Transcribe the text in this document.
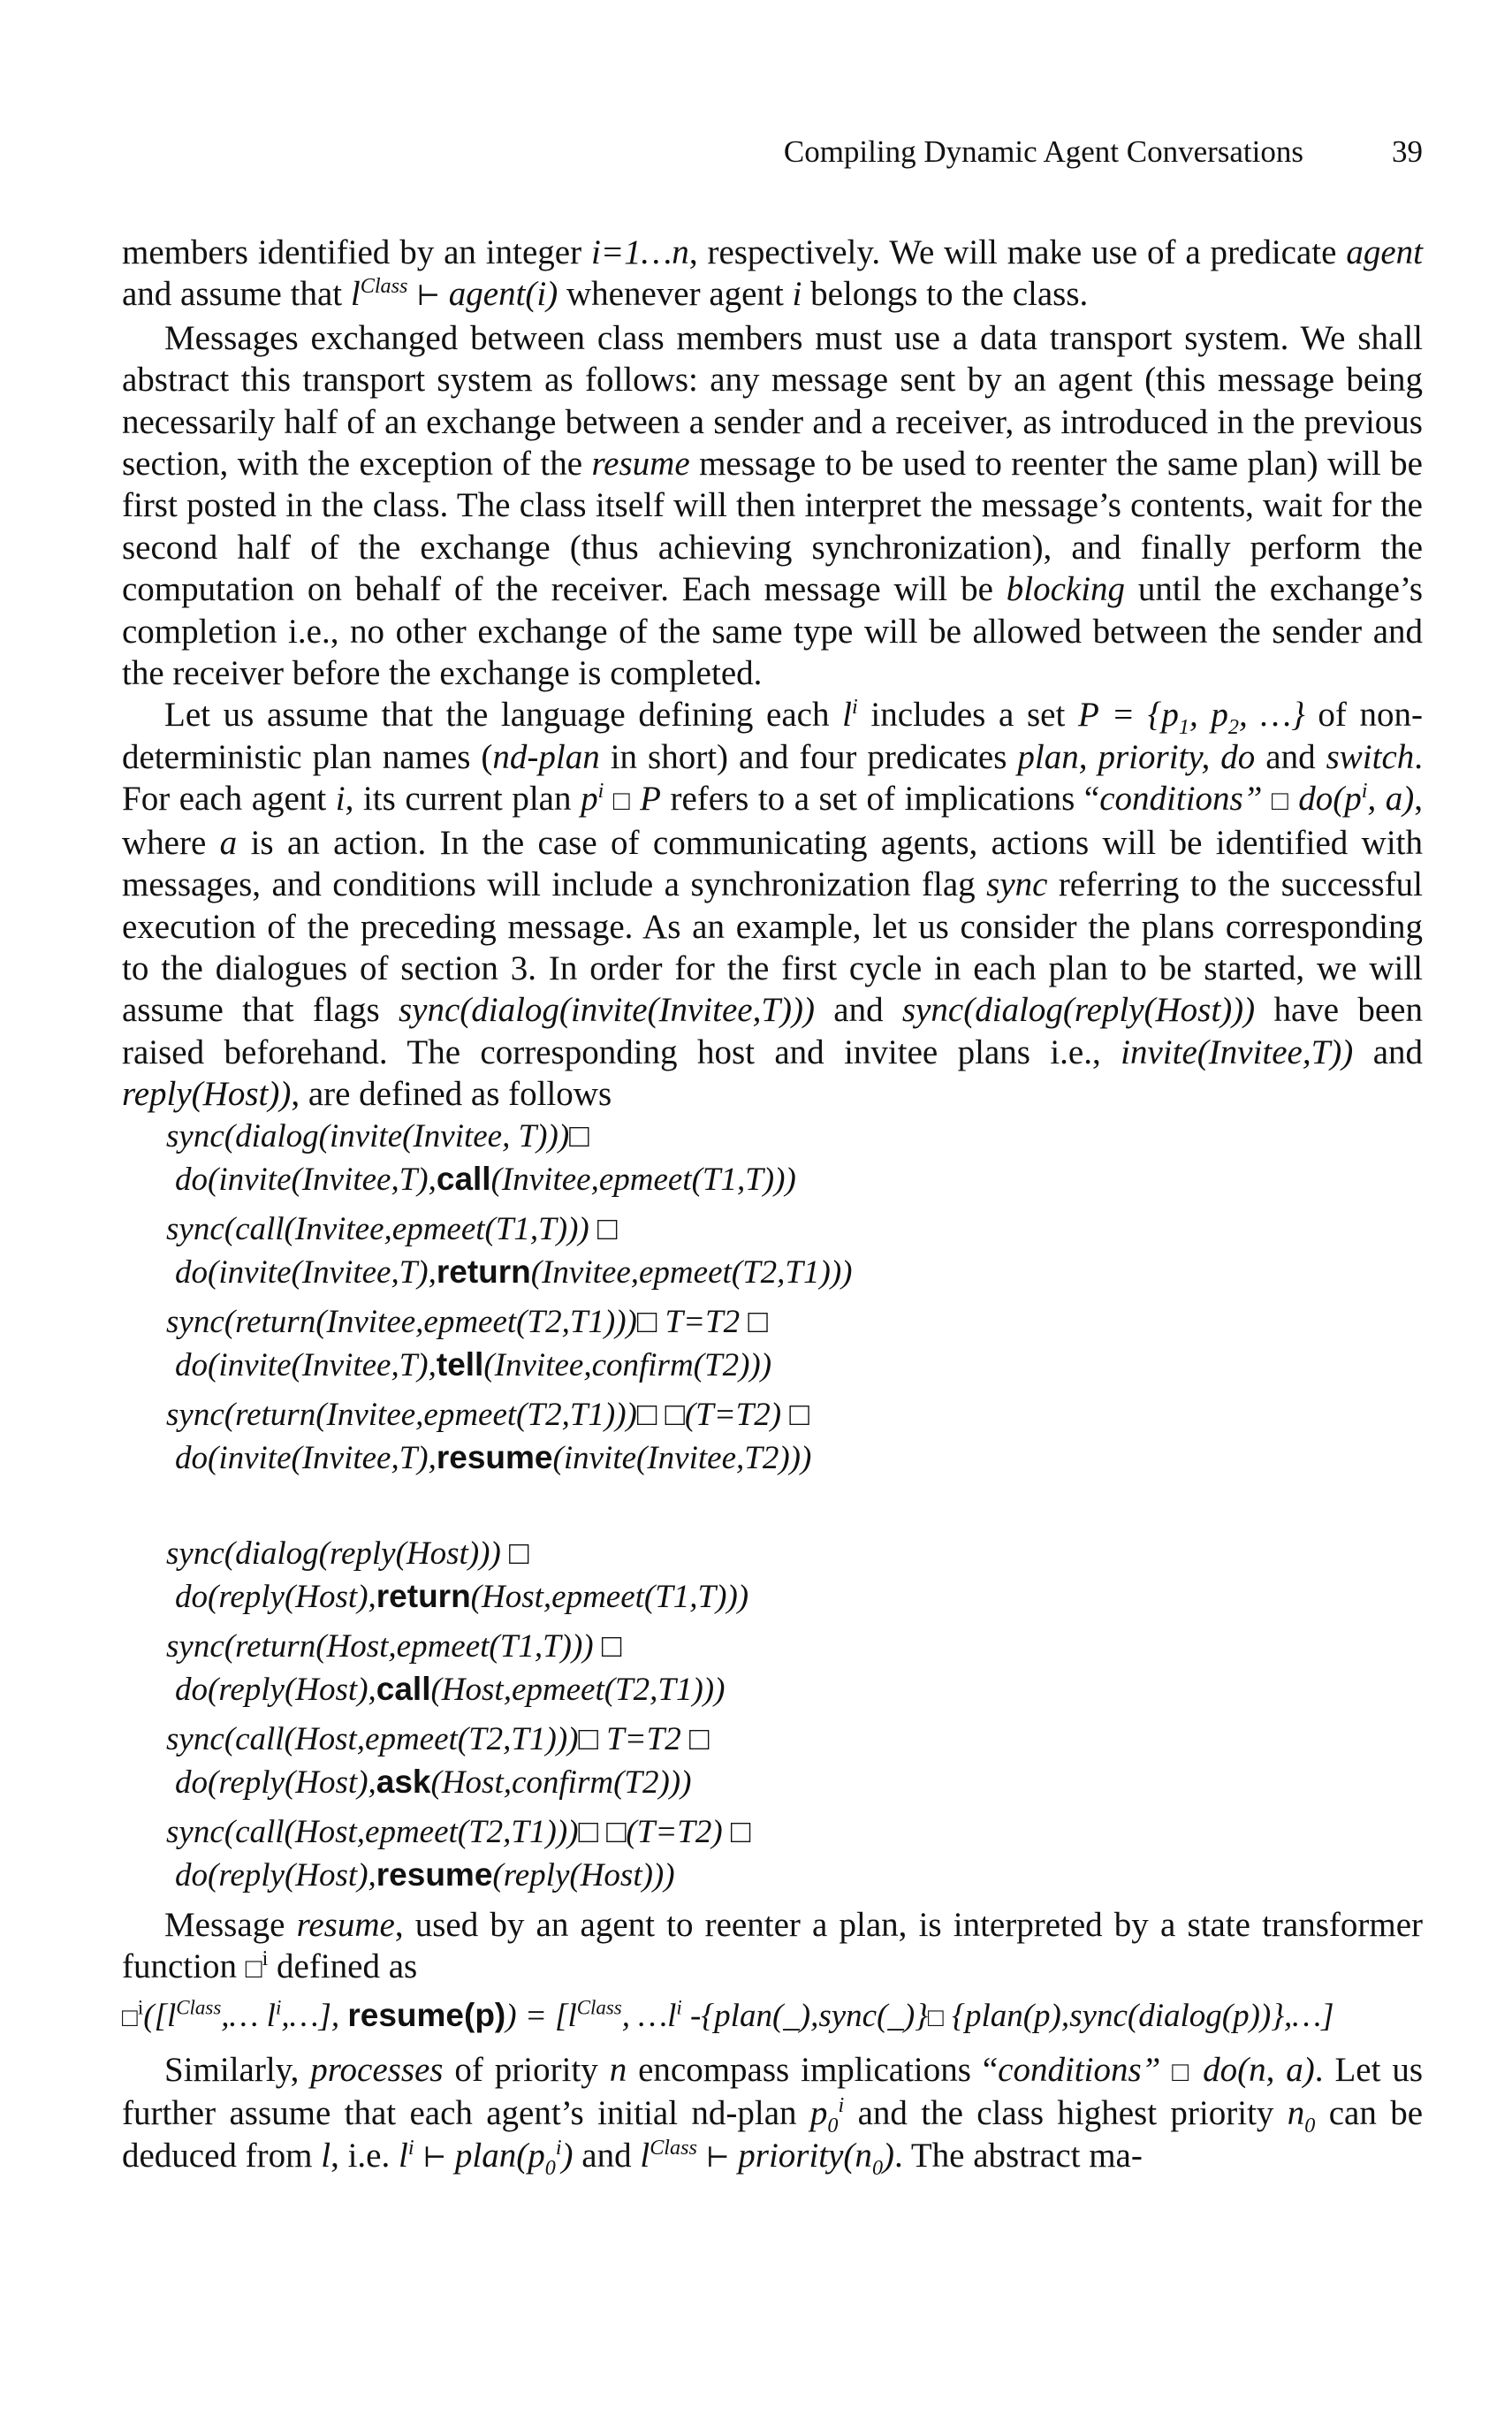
Compiling Dynamic Agent Conversations	39

members identified by an integer i=1…n, respectively. We will make use of a predicate agent and assume that $l^{Class}$ ⊢ agent(i) whenever agent i belongs to the class.

Messages exchanged between class members must use a data transport system. We shall abstract this transport system as follows: any message sent by an agent (this message being necessarily half of an exchange between a sender and a receiver, as introduced in the previous section, with the exception of the resume message to be used to reenter the same plan) will be first posted in the class. The class itself will then interpret the message’s contents, wait for the second half of the exchange (thus achieving synchronization), and finally perform the computation on behalf of the receiver. Each message will be blocking until the exchange’s completion i.e., no other exchange of the same type will be allowed between the sender and the receiver before the exchange is completed.

Let us assume that the language defining each $l^i$ includes a set $P = \{p_1$, $p_2$, …} of non-deterministic plan names (nd-plan in short) and four predicates plan, priority, do and switch. For each agent i, its current plan $p^i$ □ P refers to a set of implications “conditions” □ $do(p^i$, a), where a is an action. In the case of communicating agents, actions will be identified with messages, and conditions will include a synchronization flag sync referring to the successful execution of the preceding message. As an example, let us consider the plans corresponding to the dialogues of section 3. In order for the first cycle in each plan to be started, we will assume that flags sync(dialog(invite(Invitee,T))) and sync(dialog(reply(Host))) have been raised beforehand. The corresponding host and invitee plans i.e., invite(Invitee,T)) and reply(Host)), are defined as follows

sync(dialog(invite(Invitee, T)))□
do(invite(Invitee,T),call(Invitee,epmeet(T1,T)))
sync(call(Invitee,epmeet(T1,T))) □
do(invite(Invitee,T),return(Invitee,epmeet(T2,T1)))
sync(return(Invitee,epmeet(T2,T1)))□ T=T2 □
do(invite(Invitee,T),tell(Invitee,confirm(T2)))
sync(return(Invitee,epmeet(T2,T1)))□ □(T=T2) □
do(invite(Invitee,T),resume(invite(Invitee,T2)))
sync(dialog(reply(Host))) □
do(reply(Host),return(Host,epmeet(T1,T)))
sync(return(Host,epmeet(T1,T))) □
do(reply(Host),call(Host,epmeet(T2,T1)))
sync(call(Host,epmeet(T2,T1)))□ T=T2 □
do(reply(Host),ask(Host,confirm(T2)))
sync(call(Host,epmeet(T2,T1)))□ □(T=T2) □
do(reply(Host),resume(reply(Host)))

Message resume, used by an agent to reenter a plan, is interpreted by a state transformer function □$^i$ defined as

$□^i([l^{Class},\dots$ $l^i,\dots$], resume(p)) = [$l^{Class}$, $\dots l^i$ -{plan(_),sync(_)}□ {plan(p),sync(dialog(p))},…]

Similarly, processes of priority n encompass implications “conditions” □ do(n, a). Let us further assume that each agent’s initial nd-plan $p_0^i$ and the class highest priority $n_0$ can be deduced from l, i.e. $l^i$ ⊢ $plan(p_0^i)$ and $l^{Class}$ ⊢ $priority(n_0)$. The abstract ma-
